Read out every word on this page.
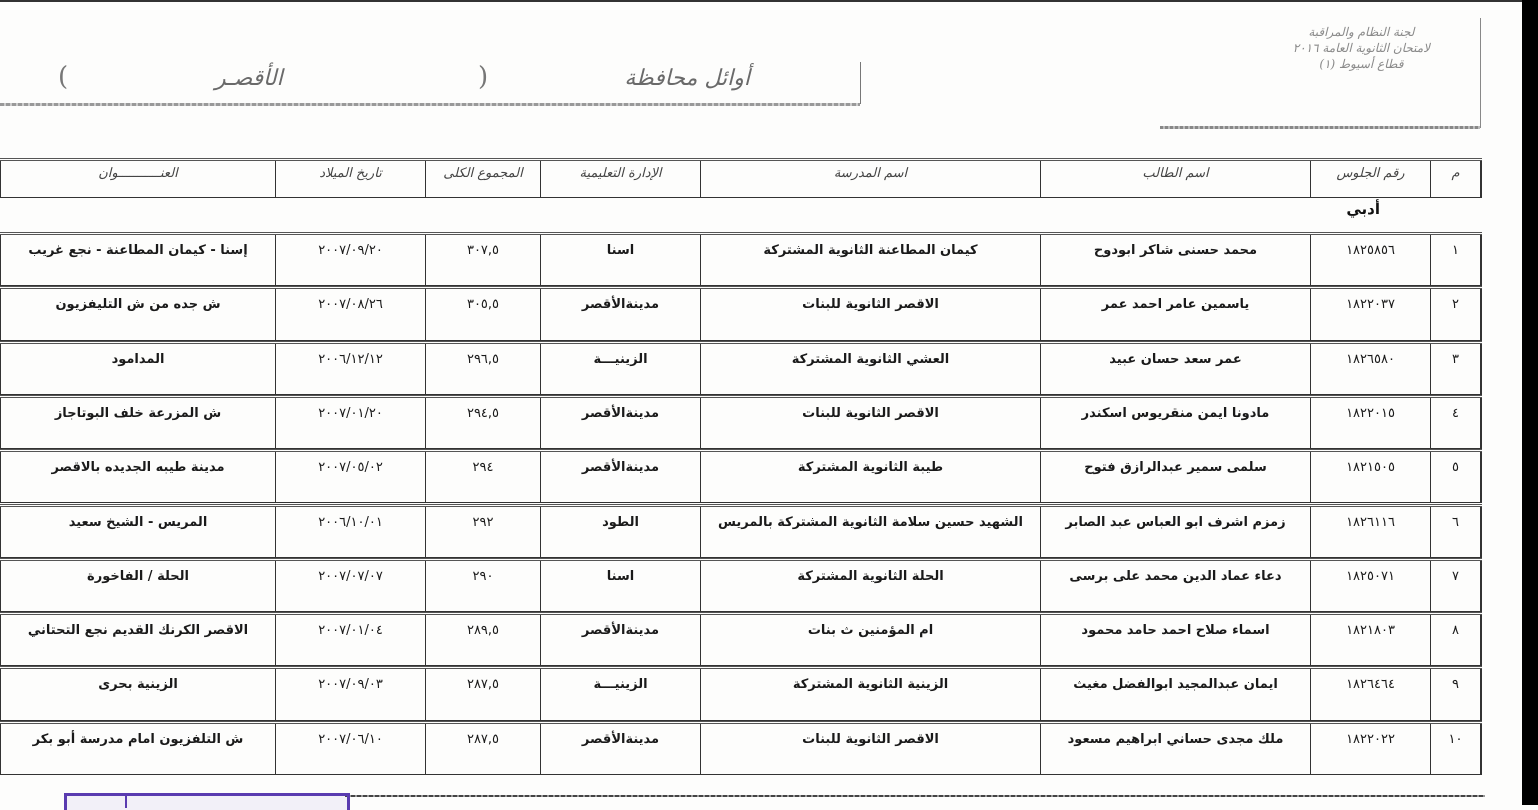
لجنة النظام والمراقبة
لامتحان الثانوية العامة ٢٠١٦
قطاع أسيوط (١)
أوائل محافظة
(
الأقصـر
)
م
رقم الجلوس
اسم الطالب
اسم المدرسة
الإدارة التعليمية
المجموع الكلى
تاريخ الميلاد
العنـــــــــــوان
أدبي
١
١٨٢٥٨٥٦
محمد حسنى شاكر ابودوح
كيمان المطاعنة الثانوية المشتركة
اسنا
٣٠٧,٥
٢٠٠٧/٠٩/٢٠
إسنا - كيمان المطاعنة - نجع غريب
٢
١٨٢٢٠٣٧
ياسمين عامر احمد عمر
الاقصر الثانوية للبنات
مدينةالأقصر
٣٠٥,٥
٢٠٠٧/٠٨/٢٦
ش جده من ش التليفزيون
٣
١٨٢٦٥٨٠
عمر سعد حسان عبيد
العشي الثانوية المشتركة
الزينيـــة
٢٩٦,٥
٢٠٠٦/١٢/١٢
المدامود
٤
١٨٢٢٠١٥
مادونا ايمن منقريوس اسكندر
الاقصر الثانوية للبنات
مدينةالأقصر
٢٩٤,٥
٢٠٠٧/٠١/٢٠
ش المزرعة خلف البوتاجاز
٥
١٨٢١٥٠٥
سلمى سمير عبدالرازق فتوح
طيبة الثانوية المشتركة
مدينةالأقصر
٢٩٤
٢٠٠٧/٠٥/٠٢
مدينة طيبه الجديده بالاقصر
٦
١٨٢٦١١٦
زمزم اشرف ابو العباس عبد الصابر
الشهيد حسين سلامة الثانوية المشتركة بالمريس
الطود
٢٩٢
٢٠٠٦/١٠/٠١
المريس - الشيخ سعيد
٧
١٨٢٥٠٧١
دعاء عماد الدين محمد على برسى
الحلة الثانوية المشتركة
اسنا
٢٩٠
٢٠٠٧/٠٧/٠٧
الحلة / الفاخورة
٨
١٨٢١٨٠٣
اسماء صلاح احمد حامد محمود
ام المؤمنين ث بنات
مدينةالأقصر
٢٨٩,٥
٢٠٠٧/٠١/٠٤
الاقصر الكرنك القديم نجع التحتاني
٩
١٨٢٦٤٦٤
ايمان عبدالمجيد ابوالفضل مغيث
الزينية الثانوية المشتركة
الزينيـــة
٢٨٧,٥
٢٠٠٧/٠٩/٠٣
الزينية بحرى
١٠
١٨٢٢٠٢٢
ملك مجدى حساني ابراهيم مسعود
الاقصر الثانوية للبنات
مدينةالأقصر
٢٨٧,٥
٢٠٠٧/٠٦/١٠
ش التلفزيون امام مدرسة أبو بكر
